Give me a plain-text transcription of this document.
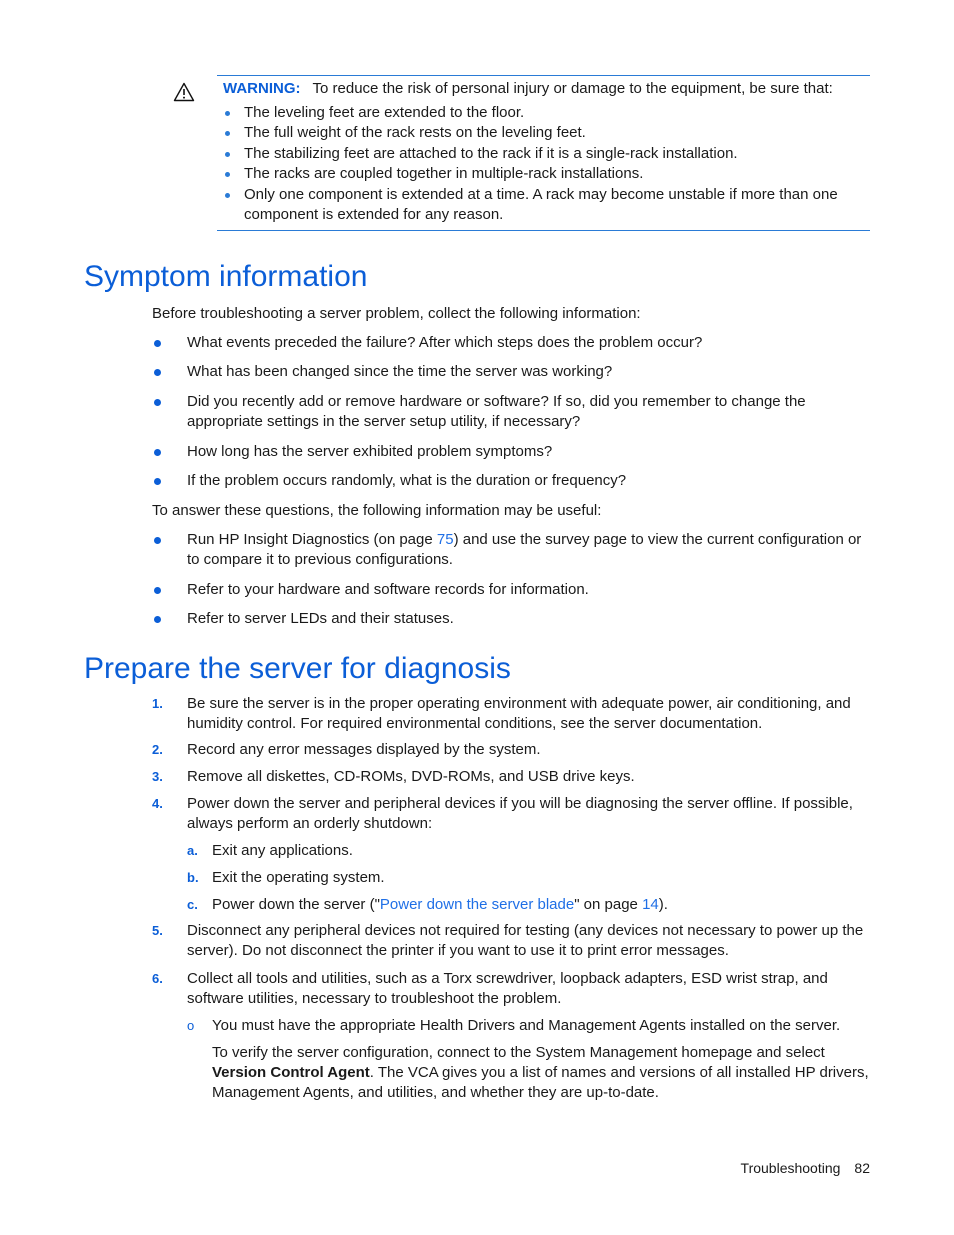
WARNING: To reduce the risk of personal injury or damage to the equipment, be sure that:
The leveling feet are extended to the floor.
The full weight of the rack rests on the leveling feet.
The stabilizing feet are attached to the rack if it is a single-rack installation.
The racks are coupled together in multiple-rack installations.
Only one component is extended at a time. A rack may become unstable if more than one component is extended for any reason.
Symptom information
Before troubleshooting a server problem, collect the following information:
What events preceded the failure? After which steps does the problem occur?
What has been changed since the time the server was working?
Did you recently add or remove hardware or software? If so, did you remember to change the appropriate settings in the server setup utility, if necessary?
How long has the server exhibited problem symptoms?
If the problem occurs randomly, what is the duration or frequency?
To answer these questions, the following information may be useful:
Run HP Insight Diagnostics (on page 75) and use the survey page to view the current configuration or to compare it to previous configurations.
Refer to your hardware and software records for information.
Refer to server LEDs and their statuses.
Prepare the server for diagnosis
1.	Be sure the server is in the proper operating environment with adequate power, air conditioning, and humidity control. For required environmental conditions, see the server documentation.
2.	Record any error messages displayed by the system.
3.	Remove all diskettes, CD-ROMs, DVD-ROMs, and USB drive keys.
4.	Power down the server and peripheral devices if you will be diagnosing the server offline. If possible, always perform an orderly shutdown:
a. Exit any applications.
b. Exit the operating system.
c. Power down the server ("Power down the server blade" on page 14).
5.	Disconnect any peripheral devices not required for testing (any devices not necessary to power up the server). Do not disconnect the printer if you want to use it to print error messages.
6.	Collect all tools and utilities, such as a Torx screwdriver, loopback adapters, ESD wrist strap, and software utilities, necessary to troubleshoot the problem.
o You must have the appropriate Health Drivers and Management Agents installed on the server.
To verify the server configuration, connect to the System Management homepage and select Version Control Agent. The VCA gives you a list of names and versions of all installed HP drivers, Management Agents, and utilities, and whether they are up-to-date.
Troubleshooting 82
